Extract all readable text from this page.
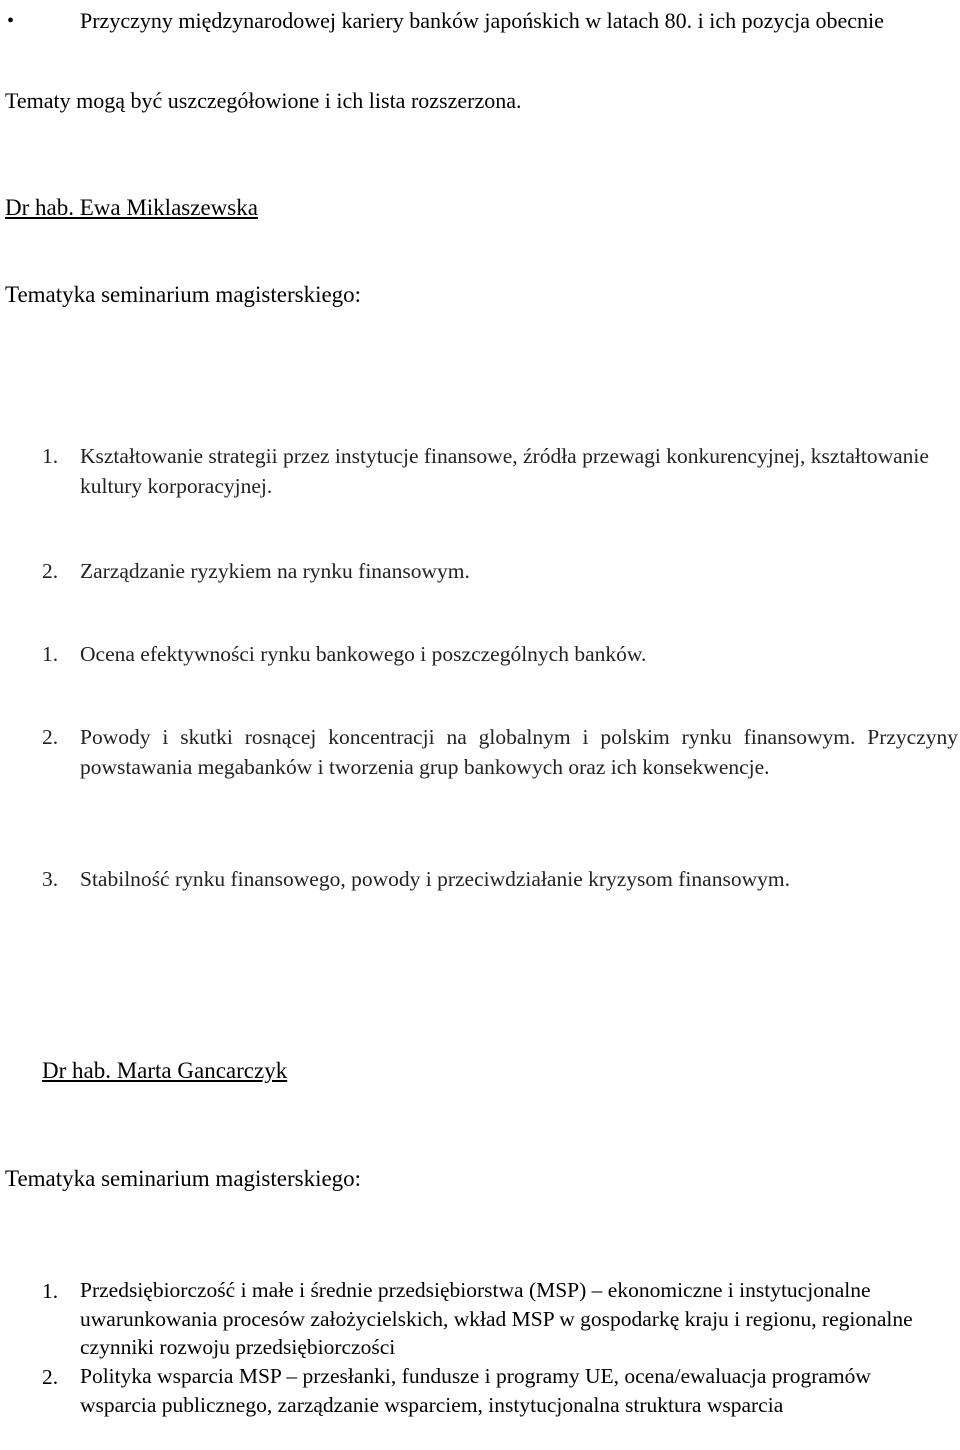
•	Przyczyny międzynarodowej kariery banków japońskich w latach 80. i ich pozycja obecnie
Tematy mogą być uszczegółowione i ich lista rozszerzona.
Dr hab. Ewa Miklaszewska
Tematyka seminarium magisterskiego:
1.	Kształtowanie strategii przez instytucje finansowe, źródła przewagi konkurencyjnej, kształtowanie kultury korporacyjnej.
2.	Zarządzanie ryzykiem na rynku finansowym.
1.	Ocena efektywności rynku bankowego i poszczególnych banków.
2.	Powody i skutki rosnącej koncentracji na globalnym i polskim rynku finansowym. Przyczyny powstawania megabanków i tworzenia grup bankowych oraz ich konsekwencje.
3.	Stabilność rynku finansowego, powody i przeciwdziałanie kryzysom finansowym.
Dr hab. Marta Gancarczyk
Tematyka seminarium magisterskiego:
1.	Przedsiębiorczość i małe i średnie przedsiębiorstwa (MSP) – ekonomiczne i instytucjonalne uwarunkowania procesów założycielskich, wkład MSP w gospodarkę kraju i regionu, regionalne czynniki rozwoju przedsiębiorczości
2.	Polityka wsparcia MSP – przesłanki, fundusze i programy UE, ocena/ewaluacja programów wsparcia publicznego, zarządzanie wsparciem, instytucjonalna struktura wsparcia
